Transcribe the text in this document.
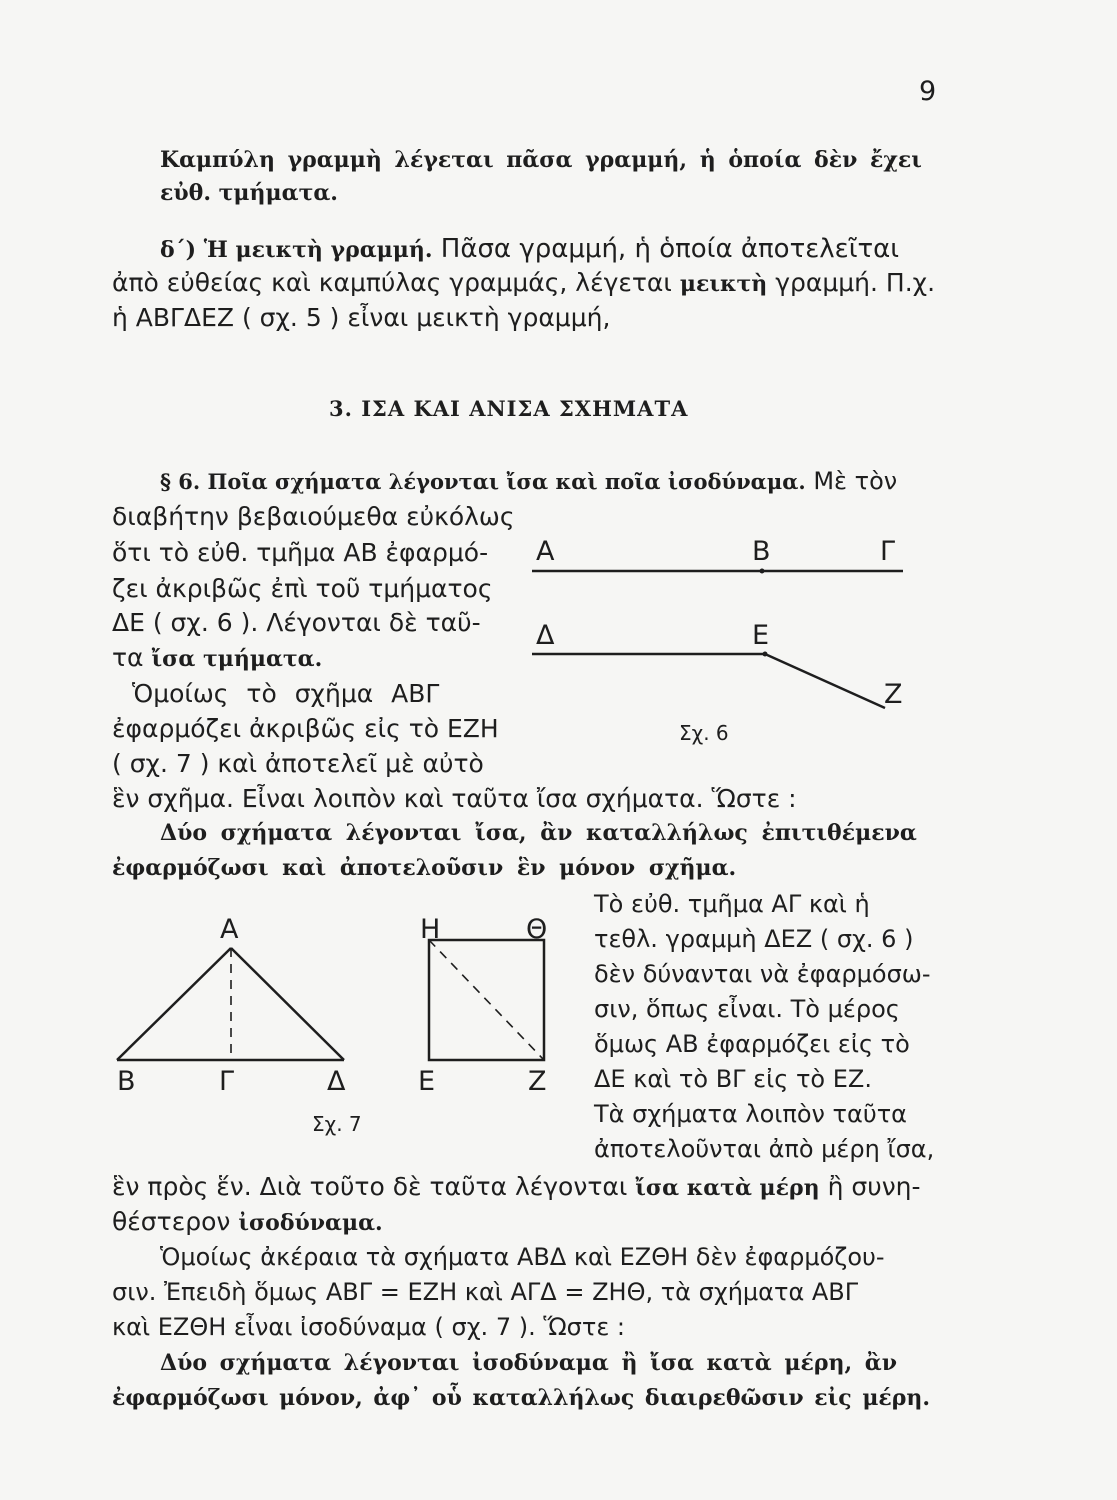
9
Καμπύλη γραμμὴ λέγεται πᾶσα γραμμή, ἡ ὁποία δὲν ἔχει
εὐθ. τμήματα.
δ΄) Ἡ μεικτὴ γραμμή. Πᾶσα γραμμή, ἡ ὁποία ἀποτελεῖται
ἀπὸ εὐθείας καὶ καμπύλας γραμμάς, λέγεται μεικτὴ γραμμή. Π.χ.
ἡ ΑΒΓΔΕΖ ( σχ. 5 ) εἶναι μεικτὴ γραμμή,
3. ΙΣΑ ΚΑΙ ΑΝΙΣΑ ΣΧΗΜΑΤΑ
§ 6. Ποῖα σχήματα λέγονται ἴσα καὶ ποῖα ἰσοδύναμα. Μὲ τὸν
διαβήτην βεβαιούμεθα εὐκόλως
ὅτι τὸ εὐθ. τμῆμα ΑΒ ἐφαρμό-
ζει ἀκριβῶς ἐπὶ τοῦ τμήματος
ΔΕ ( σχ. 6 ). Λέγονται δὲ ταῦ-
τα ἴσα τμήματα.
Ὁμοίως τὸ σχῆμα ΑΒΓ
ἐφαρμόζει ἀκριβῶς εἰς τὸ ΕΖΗ
( σχ. 7 ) καὶ ἀποτελεῖ μὲ αὐτὸ
ἓν σχῆμα. Εἶναι λοιπὸν καὶ ταῦτα ἴσα σχήματα. Ὥστε :
Δύο σχήματα λέγονται ἴσα, ἂν καταλλήλως ἐπιτιθέμενα
ἐφαρμόζωσι καὶ ἀποτελοῦσιν ἓν μόνον σχῆμα.
Α	Β	Γ
Δ	Ε
Ζ
Σχ. 6
Α
Β	Γ	Δ
Η	Θ
Ε	Ζ
Σχ. 7
Τὸ εὐθ. τμῆμα ΑΓ καὶ ἡ
τεθλ. γραμμὴ ΔΕΖ ( σχ. 6 )
δὲν δύνανται νὰ ἐφαρμόσω-
σιν, ὅπως εἶναι. Τὸ μέρος
ὅμως ΑΒ ἐφαρμόζει εἰς τὸ
ΔΕ καὶ τὸ ΒΓ εἰς τὸ ΕΖ.
Τὰ σχήματα λοιπὸν ταῦτα
ἀποτελοῦνται ἀπὸ μέρη ἴσα,
ἓν πρὸς ἕν. Διὰ τοῦτο δὲ ταῦτα λέγονται ἴσα κατὰ μέρη ἢ συνη-
θέστερον ἰσοδύναμα.
Ὁμοίως ἀκέραια τὰ σχήματα ΑΒΔ καὶ ΕΖΘΗ δὲν ἐφαρμόζου-
σιν. Ἐπειδὴ ὅμως ΑΒΓ = ΕΖΗ καὶ ΑΓΔ = ΖΗΘ, τὰ σχήματα ΑΒΓ
καὶ ΕΖΘΗ εἶναι ἰσοδύναμα ( σχ. 7 ). Ὥστε :
Δύο σχήματα λέγονται ἰσοδύναμα ἢ ἴσα κατὰ μέρη, ἂν
ἐφαρμόζωσι μόνον, ἀφ᾽ οὗ καταλλήλως διαιρεθῶσιν εἰς μέρη.
